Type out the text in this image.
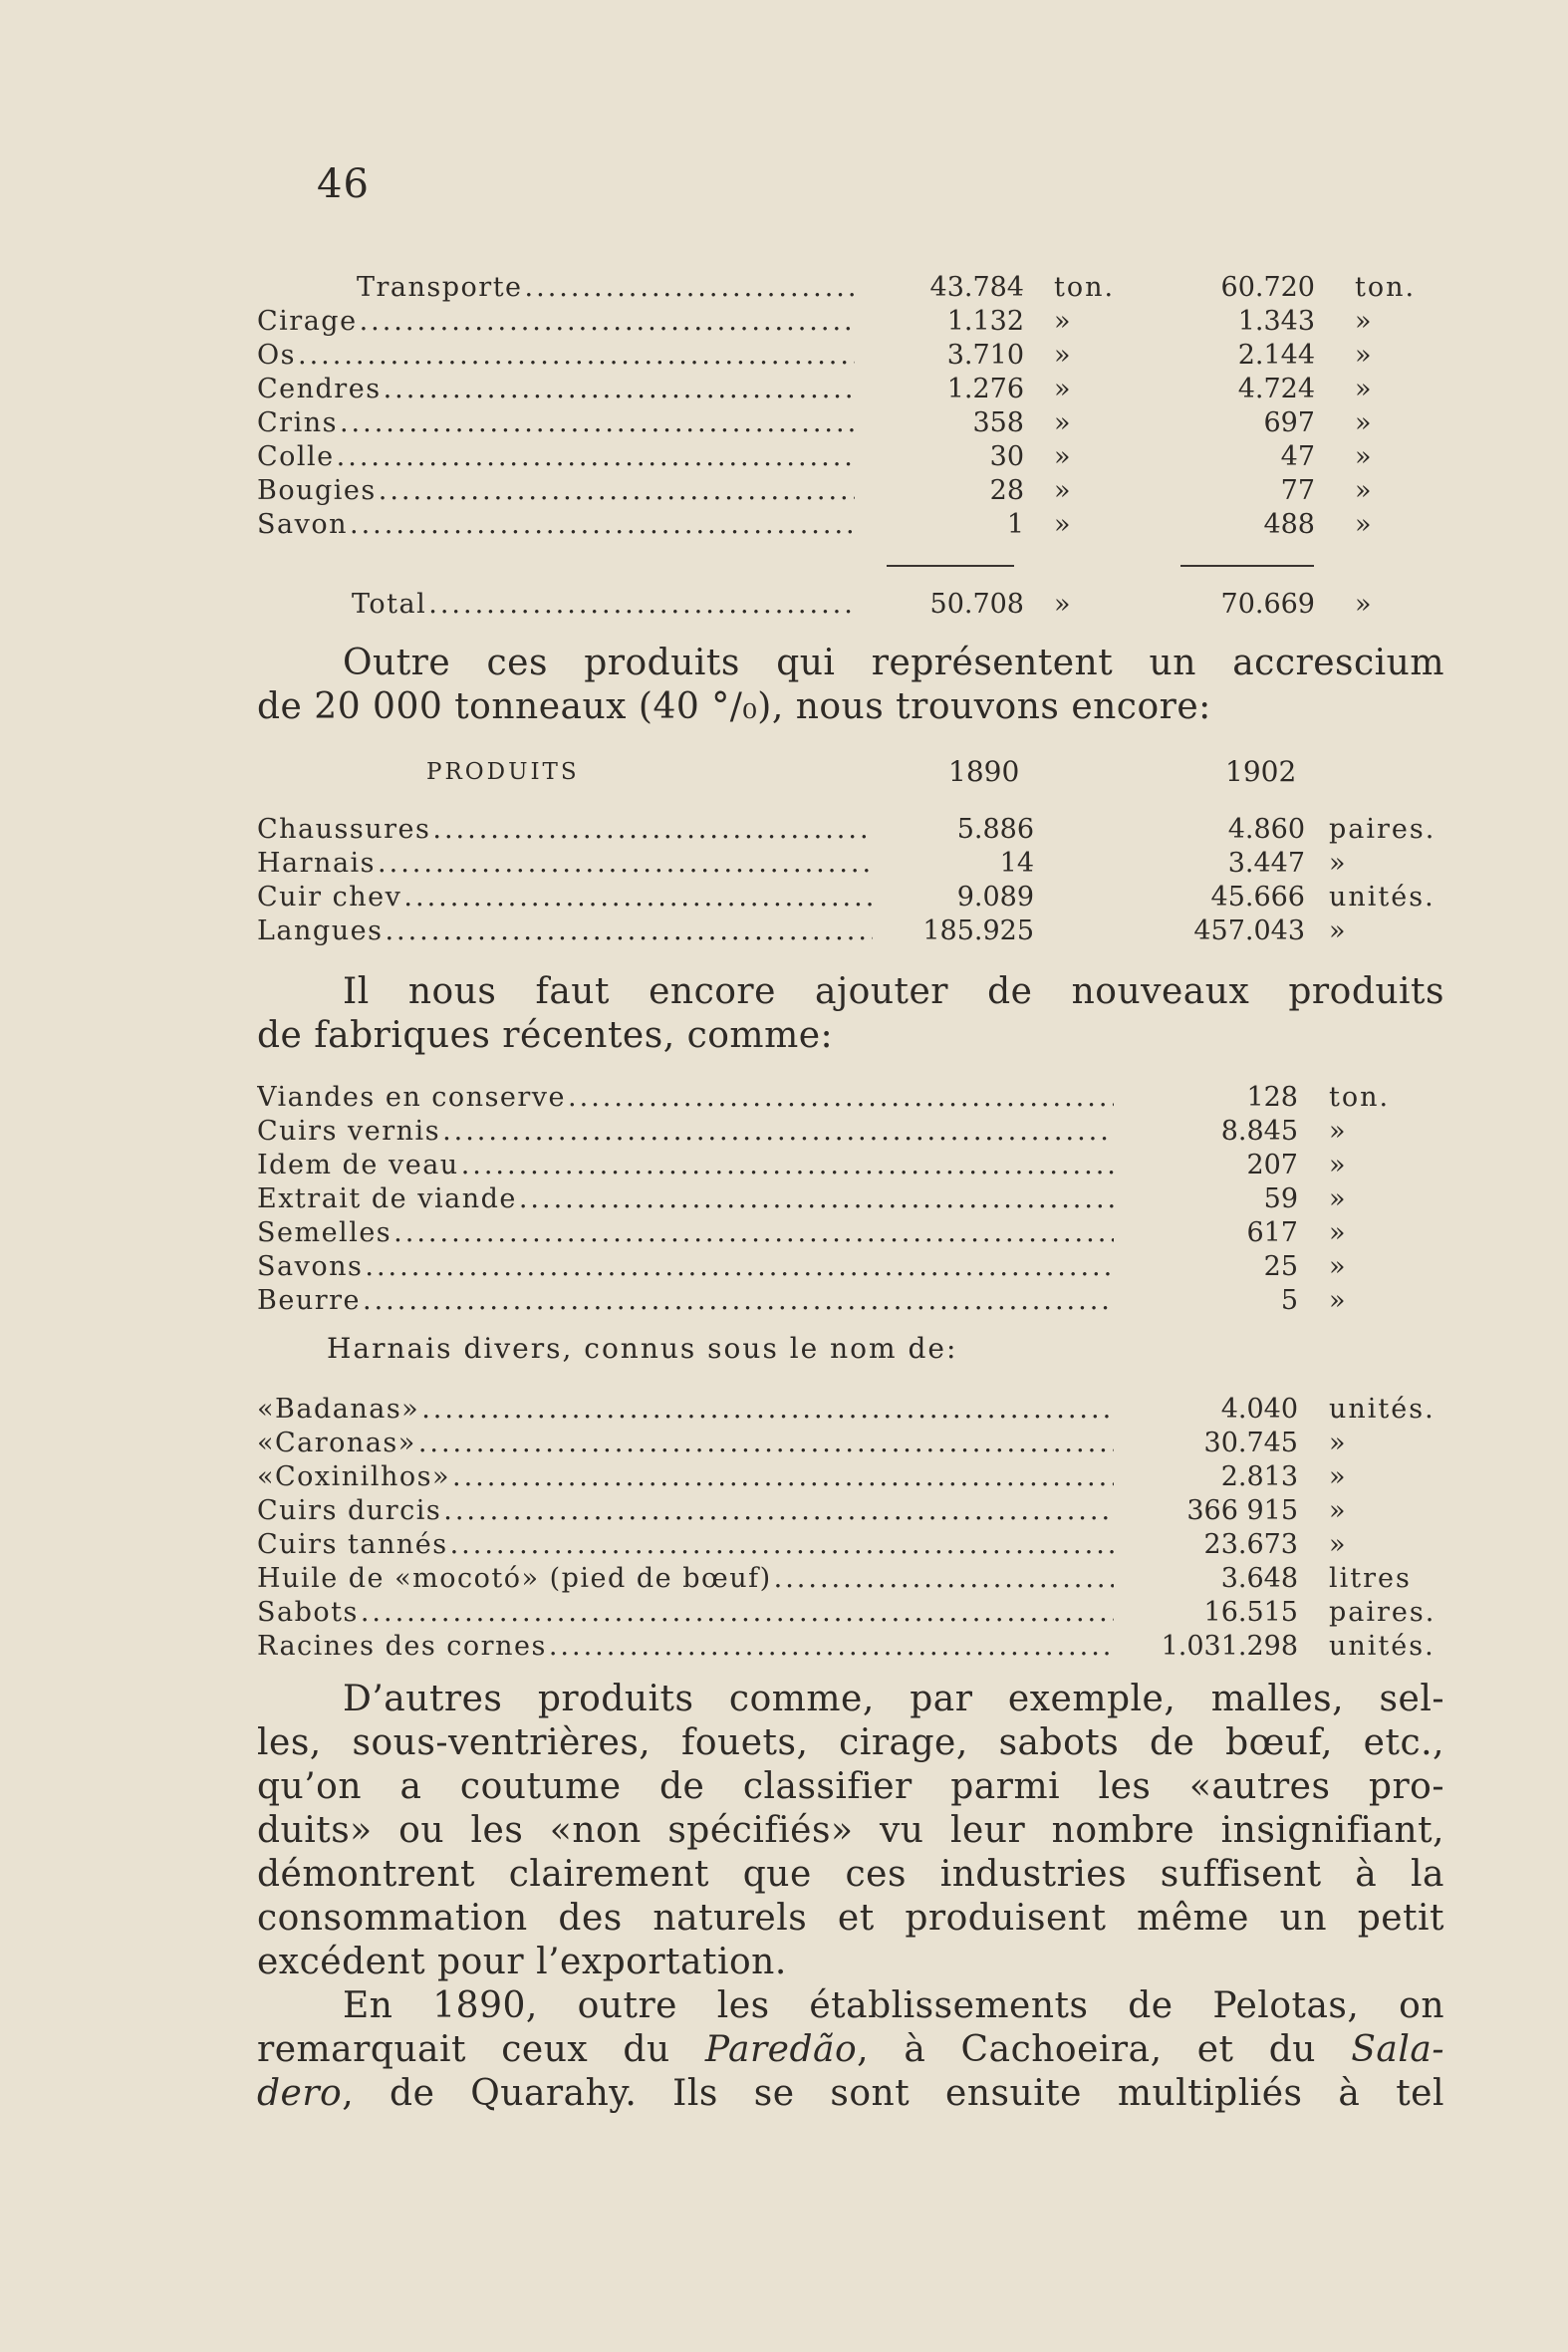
46
Transporte .....	43.784 ton.	60.720 ton.
Cirage .....	1.132 »	1.343 »
Os .....	3.710 »	2.144 »
Cendres .....	1.276 »	4.724 »
Crins .....	358 »	697 »
Colle .....	30 »	47 »
Bougies .....	28 »	77 »
Savon .....	1 »	488 »
Total .....	50.708 »	70.669 »
Outre ces produits qui représentent un accrescium
de 20 000 tonneaux (40 °/₀), nous trouvons encore:
PRODUITS	1890	1902
Chaussures .....	5.886	4.860 paires.
Harnais .....	14	3.447 »
Cuir chev .....	9.089	45.666 unités.
Langues .....	185.925	457.043 »
Il nous faut encore ajouter de nouveaux produits
de fabriques récentes, comme:
Viandes en conserve .....	128 ton.
Cuirs vernis .....	8.845 »
Idem de veau .....	207 »
Extrait de viande .....	59 »
Semelles .....	617 »
Savons .....	25 »
Beurre .....	5 »
Harnais divers, connus sous le nom de:
«Badanas» .....	4.040 unités.
«Caronas» .....	30.745 »
«Coxinilhos» .....	2.813 »
Cuirs durcis .....	366 915 »
Cuirs tannés .....	23.673 »
Huile de «mocotó» (pied de bœuf) .....	3.648 litres
Sabots .....	16.515 paires.
Racines des cornes .....	1.031.298 unités.
D’autres produits comme, par exemple, malles, sel-
les, sous-ventrières, fouets, cirage, sabots de bœuf, etc.,
qu’on a coutume de classifier parmi les «autres pro-
duits» ou les «non spécifiés» vu leur nombre insignifiant,
démontrent clairement que ces industries suffisent à la
consommation des naturels et produisent même un petit
excédent pour l’exportation.
En 1890, outre les établissements de Pelotas, on
remarquait ceux du Paredão, à Cachoeira, et du Sala-
dero, de Quarahy. Ils se sont ensuite multipliés à tel
